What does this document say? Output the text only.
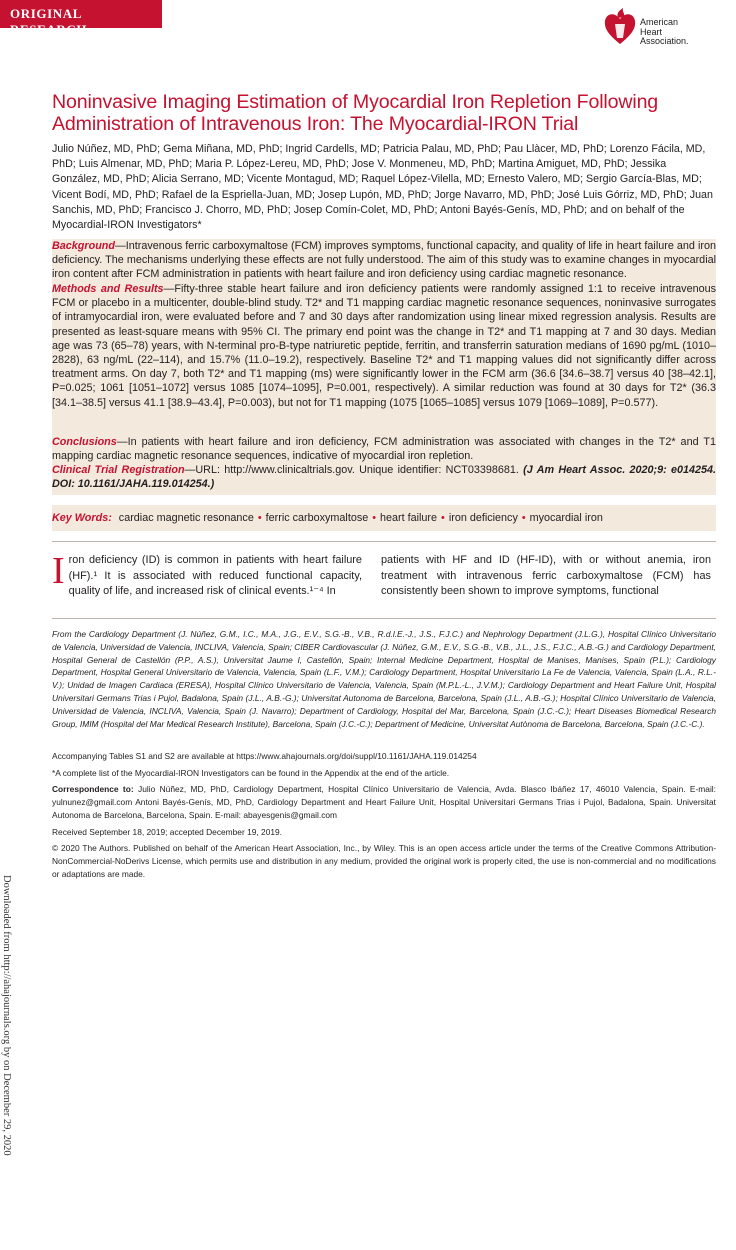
ORIGINAL RESEARCH	American
Heart
Association.
Downloaded from http://ahajournals.org by on December 29, 2020
Noninvasive Imaging Estimation of Myocardial Iron Repletion Following Administration of Intravenous Iron: The Myocardial-IRON Trial

Julio Núñez, MD, PhD; Gema Miñana, MD, PhD; Ingrid Cardells, MD; Patricia Palau, MD, PhD; Pau Llàcer, MD, PhD; Lorenzo Fácila, MD, PhD; Luis Almenar, MD, PhD; Maria P. López-Lereu, MD, PhD; Jose V. Monmeneu, MD, PhD; Martina Amiguet, MD, PhD; Jessika González, MD, PhD; Alicia Serrano, MD; Vicente Montagud, MD; Raquel López-Vilella, MD; Ernesto Valero, MD; Sergio García-Blas, MD; Vicent Bodí, MD, PhD; Rafael de la Espriella-Juan, MD; Josep Lupón, MD, PhD; Jorge Navarro, MD, PhD; José Luis Górriz, MD, PhD; Juan Sanchis, MD, PhD; Francisco J. Chorro, MD, PhD; Josep Comín-Colet, MD, PhD; Antoni Bayés-Genís, MD, PhD; and on behalf of the Myocardial-IRON Investigators*

Background—Intravenous ferric carboxymaltose (FCM) improves symptoms, functional capacity, and quality of life in heart failure and iron deficiency. The mechanisms underlying these effects are not fully understood. The aim of this study was to examine changes in myocardial iron content after FCM administration in patients with heart failure and iron deficiency using cardiac magnetic resonance.

Methods and Results—Fifty-three stable heart failure and iron deficiency patients were randomly assigned 1:1 to receive intravenous FCM or placebo in a multicenter, double-blind study. T2* and T1 mapping cardiac magnetic resonance sequences, noninvasive surrogates of intramyocardial iron, were evaluated before and 7 and 30 days after randomization using linear mixed regression analysis. Results are presented as least-square means with 95% CI. The primary end point was the change in T2* and T1 mapping at 7 and 30 days. Median age was 73 (65–78) years, with N-terminal pro-B-type natriuretic peptide, ferritin, and transferrin saturation medians of 1690 pg/mL (1010–2828), 63 ng/mL (22–114), and 15.7% (11.0–19.2), respectively. Baseline T2* and T1 mapping values did not significantly differ across treatment arms. On day 7, both T2* and T1 mapping (ms) were significantly lower in the FCM arm (36.6 [34.6–38.7] versus 40 [38–42.1], P=0.025; 1061 [1051–1072] versus 1085 [1074–1095], P=0.001, respectively). A similar reduction was found at 30 days for T2* (36.3 [34.1–38.5] versus 41.1 [38.9–43.4], P=0.003), but not for T1 mapping (1075 [1065–1085] versus 1079 [1069–1089], P=0.577).

Conclusions—In patients with heart failure and iron deficiency, FCM administration was associated with changes in the T2* and T1 mapping cardiac magnetic resonance sequences, indicative of myocardial iron repletion.

Clinical Trial Registration—URL: http://www.clinicaltrials.gov. Unique identifier: NCT03398681. (J Am Heart Assoc. 2020;9: e014254. DOI: 10.1161/JAHA.119.014254.)

Key Words: cardiac magnetic resonance • ferric carboxymaltose • heart failure • iron deficiency • myocardial iron

Iron deficiency (ID) is common in patients with heart failure (HF).¹ It is associated with reduced functional capacity, quality of life, and increased risk of clinical events.¹⁻⁴ In

patients with HF and ID (HF-ID), with or without anemia, iron treatment with intravenous ferric carboxymaltose (FCM) has consistently been shown to improve symptoms, functional

From the Cardiology Department (J. Núñez, G.M., I.C., M.A., J.G., E.V., S.G.-B., V.B., R.d.l.E.-J., J.S., F.J.C.) and Nephrology Department (J.L.G.), Hospital Clínico Universitario de Valencia, Universidad de Valencia, INCLIVA, Valencia, Spain; CIBER Cardiovascular (J. Núñez, G.M., E.V., S.G.-B., V.B., J.L., J.S., F.J.C., A.B.-G.) and Cardiology Department, Hospital General de Castellón (P.P., A.S.), Universitat Jaume I, Castellón, Spain; Internal Medicine Department, Hospital de Manises, Manises, Spain (P.L.); Cardiology Department, Hospital General Universitario de Valencia, Valencia, Spain (L.F., V.M.); Cardiology Department, Hospital Universitario La Fe de Valencia, Valencia, Spain (L.A., R.L.-V.); Unidad de Imagen Cardiaca (ERESA), Hospital Clínico Universitario de Valencia, Valencia, Spain (M.P.L.-L., J.V.M.); Cardiology Department and Heart Failure Unit, Hospital Universitari Germans Trias i Pujol, Badalona, Spain (J.L., A.B.-G.); Universitat Autonoma de Barcelona, Barcelona, Spain (J.L., A.B.-G.); Hospital Clínico Universitario de Valencia, Universidad de Valencia, INCLIVA, Valencia, Spain (J. Navarro); Department of Cardiology, Hospital del Mar, Barcelona, Spain (J.C.-C.); Heart Diseases Biomedical Research Group, IMIM (Hospital del Mar Medical Research Institute), Barcelona, Spain (J.C.-C.); Department of Medicine, Universitat Autònoma de Barcelona, Barcelona, Spain (J.C.-C.).

Accompanying Tables S1 and S2 are available at https://www.ahajournals.org/doi/suppl/10.1161/JAHA.119.014254

*A complete list of the Myocardial-IRON Investigators can be found in the Appendix at the end of the article.

Correspondence to: Julio Núñez, MD, PhD, Cardiology Department, Hospital Clínico Universitario de Valencia, Avda. Blasco Ibáñez 17, 46010 Valencia, Spain. E-mail: yulnunez@gmail.com Antoni Bayés-Genís, MD, PhD, Cardiology Department and Heart Failure Unit, Hospital Universitari Germans Trias i Pujol, Badalona, Spain. Universitat Autonoma de Barcelona, Barcelona, Spain. E-mail: abayesgenis@gmail.com

Received September 18, 2019; accepted December 19, 2019.

© 2020 The Authors. Published on behalf of the American Heart Association, Inc., by Wiley. This is an open access article under the terms of the Creative Commons Attribution-NonCommercial-NoDerivs License, which permits use and distribution in any medium, provided the original work is properly cited, the use is non-commercial and no modifications or adaptations are made.
